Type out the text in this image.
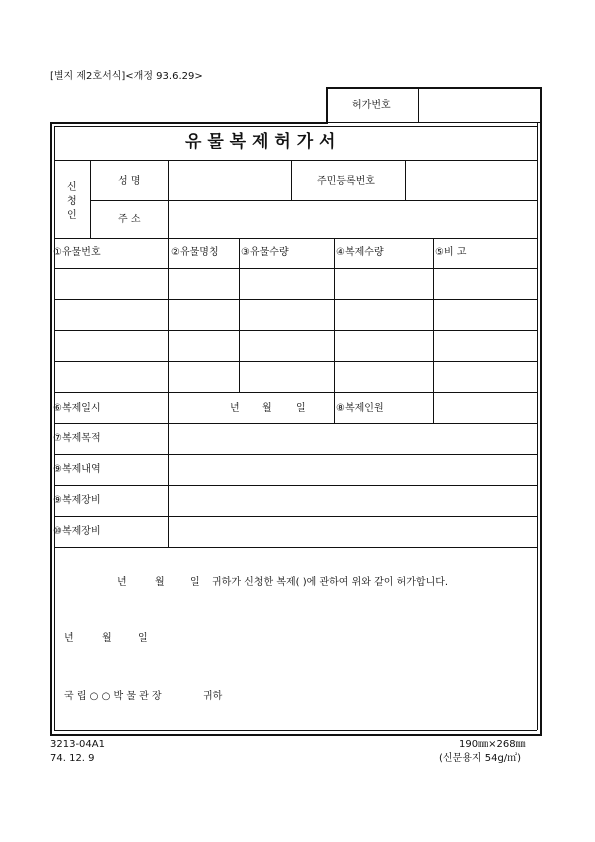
[별지 제2호서식]<개정 93.6.29>
허가번호
유 물 복 제 허 가 서
신
청
인
성 명	주민등록번호
주 소
①유물번호	②유물명칭 ③유물수량	④복제수량	⑤비 고
⑥복제일시	년 월 일	⑧복제인원
⑦복제목적
⑨복제내역
⑨복제장비
⑩복제장비
년	월	일 귀하가 신청한 복제( )에 관하여 위와 같이 허가합니다.
년	월	일
국 립 ○ ○ 박 물 관 장	귀하
3213-04A1
74. 12. 9
190㎜×268㎜
(신문용지 54g/㎡)
